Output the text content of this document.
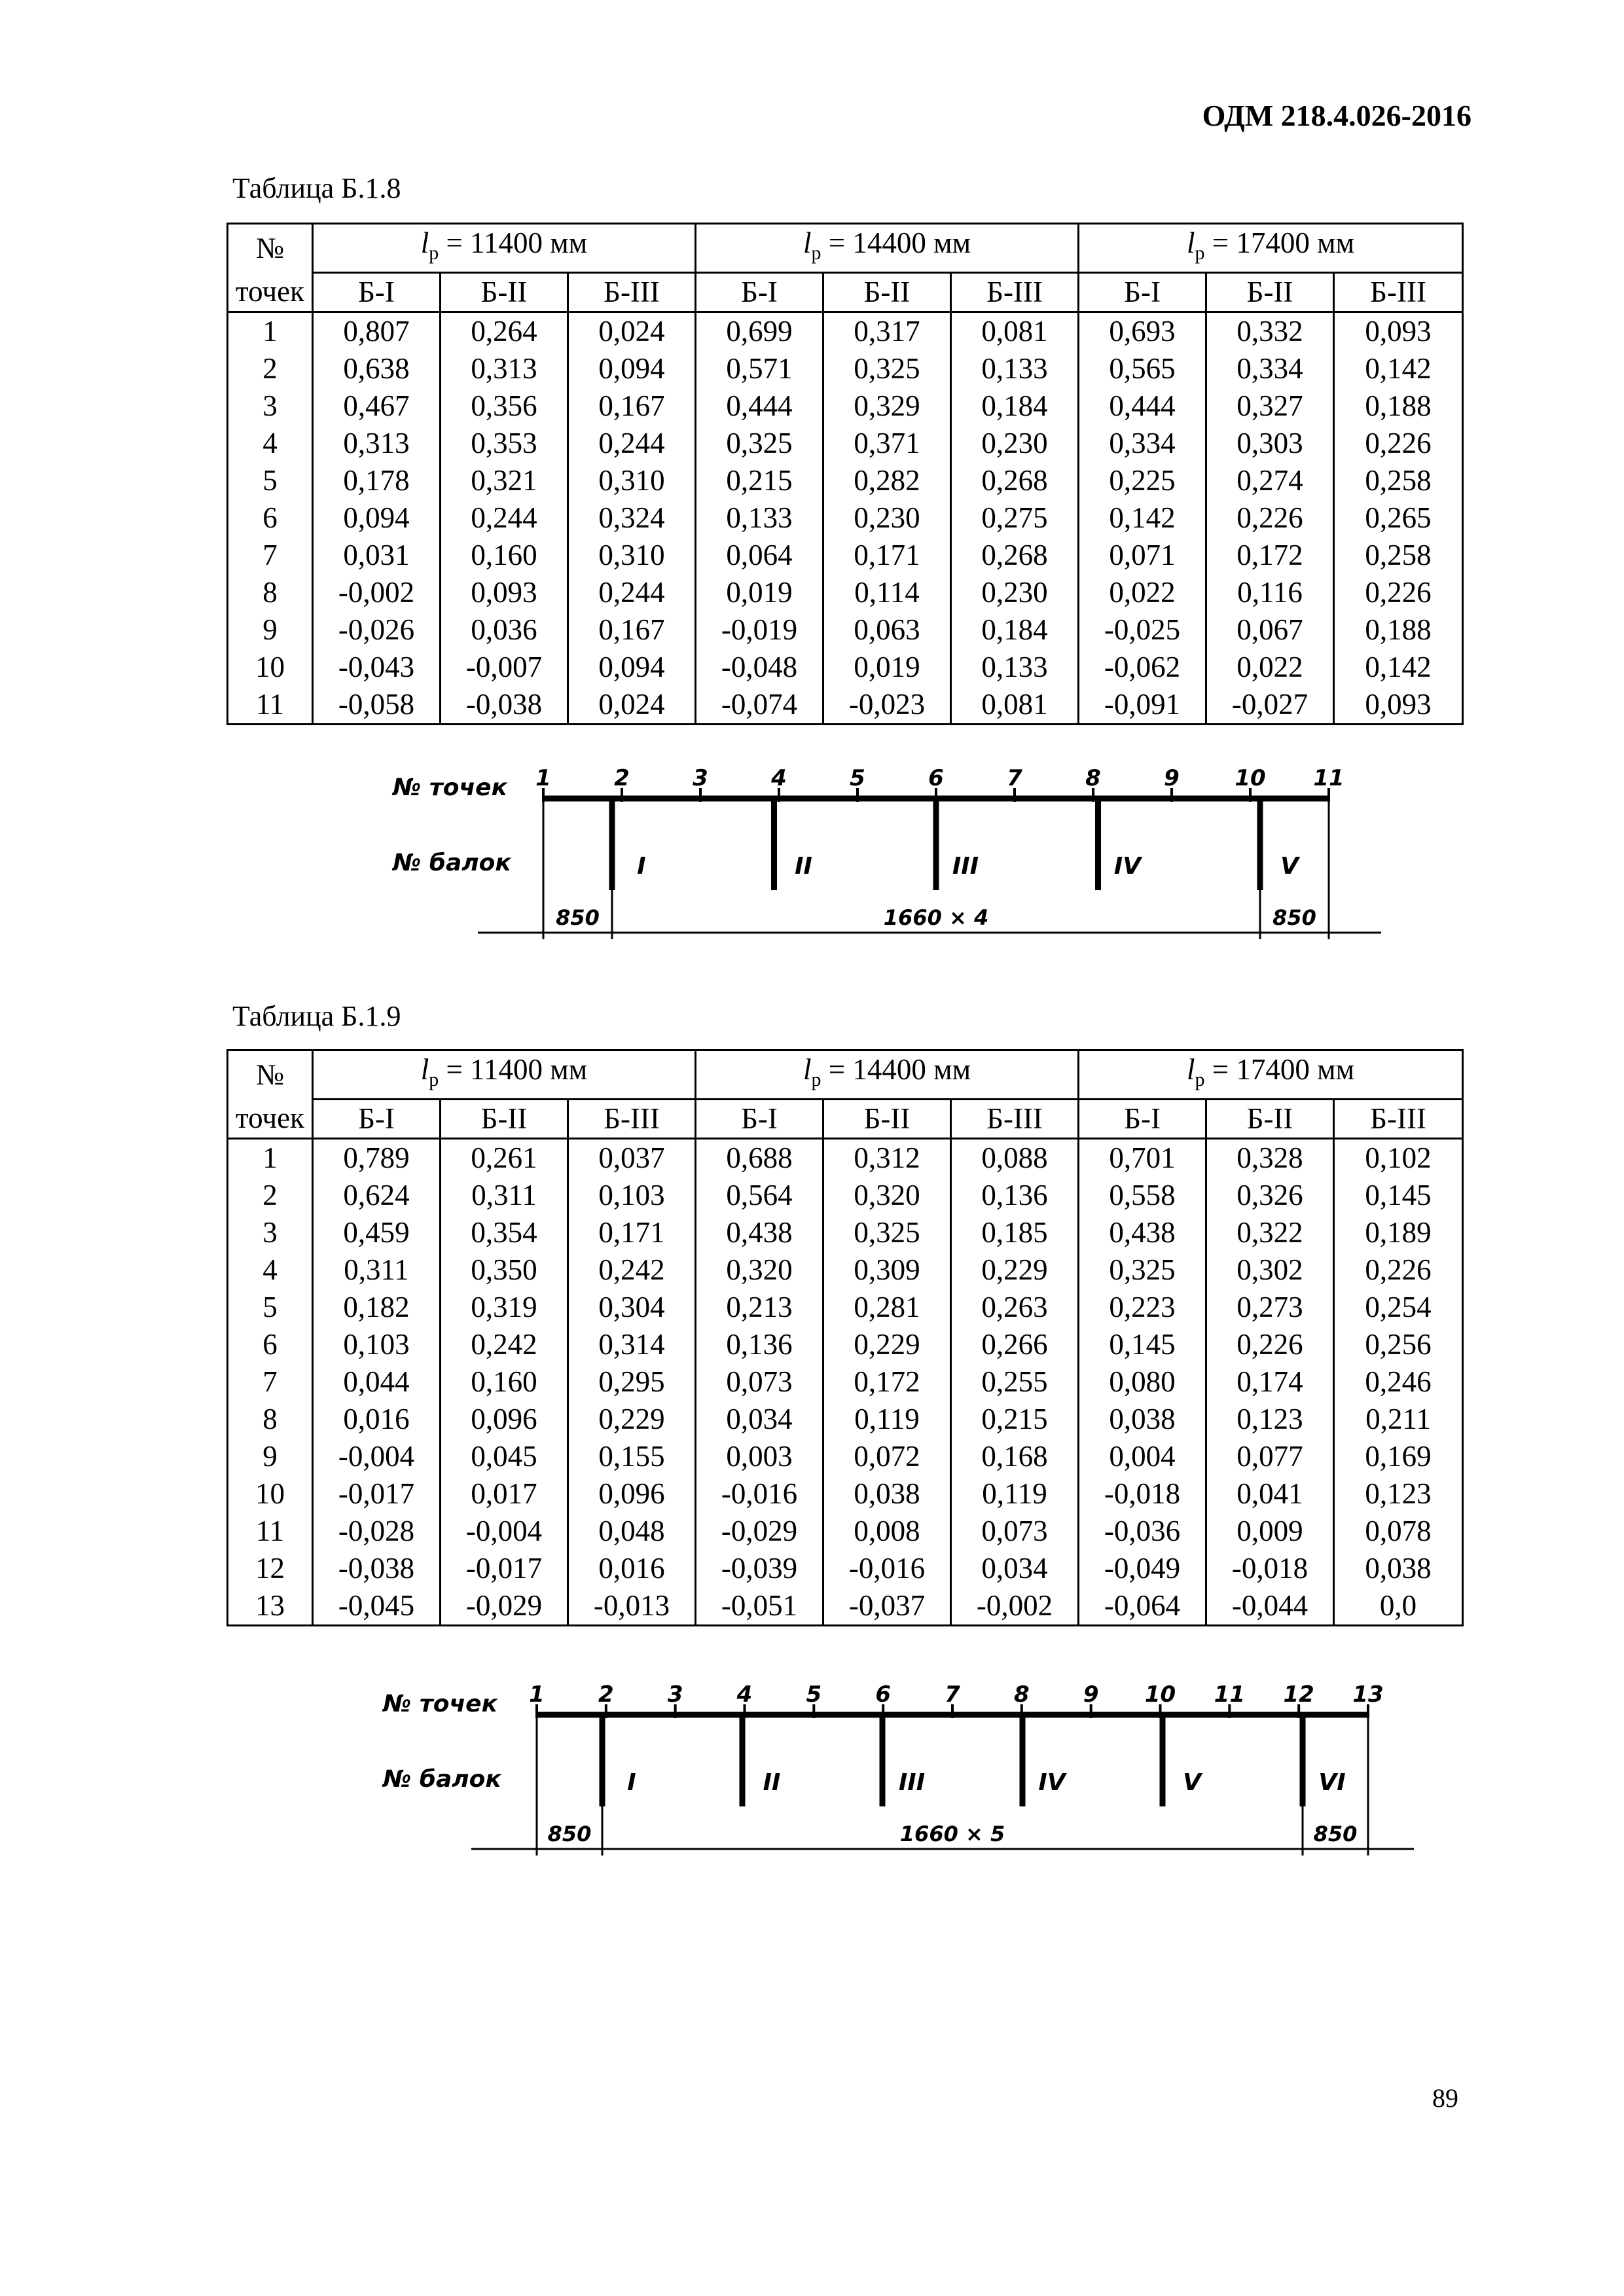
ОДМ 218.4.026-2016
Таблица Б.1.8
№	$l_р = 11400$ мм			$l_р = 14400$ мм			$l_р = 17400$ мм		
точек	Б-I	Б-II	Б-III	Б-I	Б-II	Б-III	Б-I	Б-II	Б-III
1	0,807	0,264	0,024	0,699	0,317	0,081	0,693	0,332	0,093
2	0,638	0,313	0,094	0,571	0,325	0,133	0,565	0,334	0,142
3	0,467	0,356	0,167	0,444	0,329	0,184	0,444	0,327	0,188
4	0,313	0,353	0,244	0,325	0,371	0,230	0,334	0,303	0,226
5	0,178	0,321	0,310	0,215	0,282	0,268	0,225	0,274	0,258
6	0,094	0,244	0,324	0,133	0,230	0,275	0,142	0,226	0,265
7	0,031	0,160	0,310	0,064	0,171	0,268	0,071	0,172	0,258
8	-0,002	0,093	0,244	0,019	0,114	0,230	0,022	0,116	0,226
9	-0,026	0,036	0,167	-0,019	0,063	0,184	-0,025	0,067	0,188
10	-0,043	-0,007	0,094	-0,048	0,019	0,133	-0,062	0,022	0,142
11	-0,058	-0,038	0,024	-0,074	-0,023	0,081	-0,091	-0,027	0,093
№ точек
№ балок
1	2	3	4	5	6	7	8	9 10 11
I	II	III	IV	V
850	1660 × 4	850
Таблица Б.1.9
№	$l_р = 11400$ мм			$l_р = 14400$ мм			$l_р = 17400$ мм		
точек	Б-I	Б-II	Б-III	Б-I	Б-II	Б-III	Б-I	Б-II	Б-III
1	0,789	0,261	0,037	0,688	0,312	0,088	0,701	0,328	0,102
2	0,624	0,311	0,103	0,564	0,320	0,136	0,558	0,326	0,145
3	0,459	0,354	0,171	0,438	0,325	0,185	0,438	0,322	0,189
4	0,311	0,350	0,242	0,320	0,309	0,229	0,325	0,302	0,226
5	0,182	0,319	0,304	0,213	0,281	0,263	0,223	0,273	0,254
6	0,103	0,242	0,314	0,136	0,229	0,266	0,145	0,226	0,256
7	0,044	0,160	0,295	0,073	0,172	0,255	0,080	0,174	0,246
8	0,016	0,096	0,229	0,034	0,119	0,215	0,038	0,123	0,211
9	-0,004	0,045	0,155	0,003	0,072	0,168	0,004	0,077	0,169
10	-0,017	0,017	0,096	-0,016	0,038	0,119	-0,018	0,041	0,123
11	-0,028	-0,004	0,048	-0,029	0,008	0,073	-0,036	0,009	0,078
12	-0,038	-0,017	0,016	-0,039	-0,016	0,034	-0,049	-0,018	0,038
13	-0,045	-0,029	-0,013	-0,051	-0,037	-0,002	-0,064	-0,044	0,0
№ точек
№ балок
1 2 3 4 5 6 7 8 9 10 11 12 13
I	II	III	IV	V	VI
850	1660 × 5	850
89
